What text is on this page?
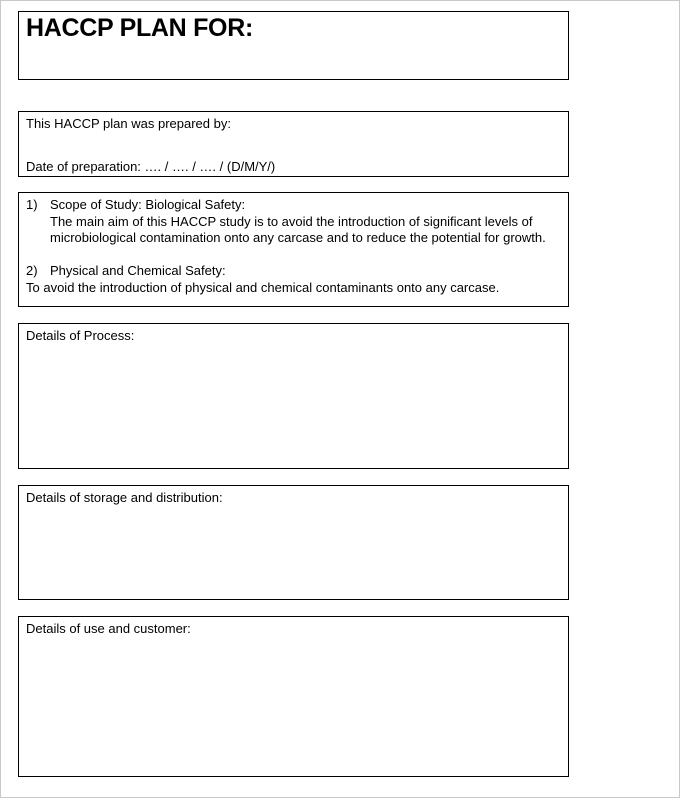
HACCP PLAN FOR:
This HACCP plan was prepared by:
Date of preparation: …. / …. / …. / (D/M/Y/)
1) Scope of Study: Biological Safety:
The main aim of this HACCP study is to avoid the introduction of significant levels of microbiological contamination onto any carcase and to reduce the potential for growth.
2) Physical and Chemical Safety:
To avoid the introduction of physical and chemical contaminants onto any carcase.
Details of Process:
Details of storage and distribution:
Details of use and customer:
